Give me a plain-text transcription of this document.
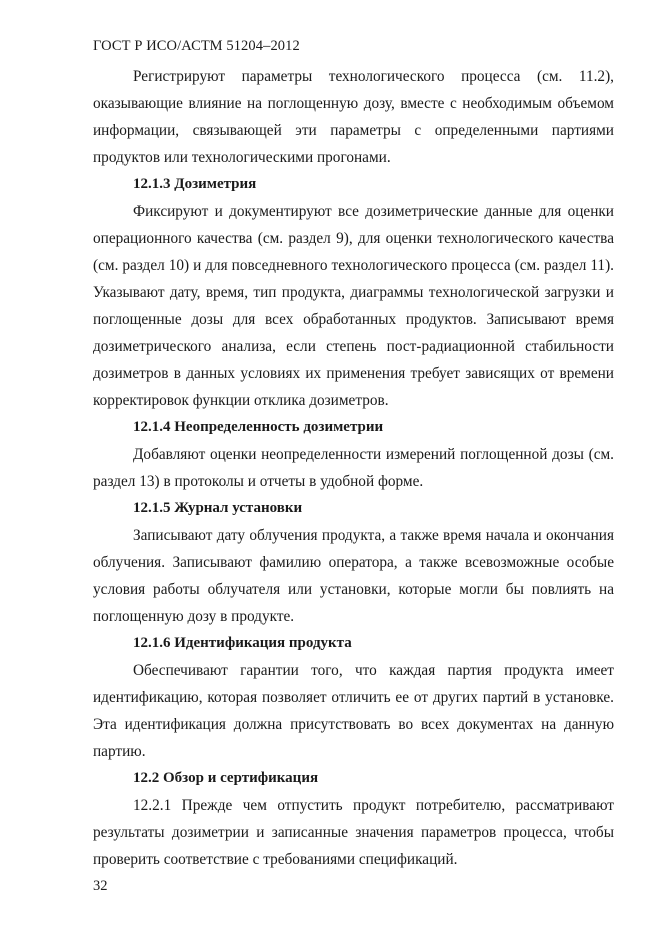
ГОСТ Р ИСО/АСТМ 51204–2012

Регистрируют параметры технологического процесса (см. 11.2), оказывающие влияние на поглощенную дозу, вместе с необходимым объемом информации, связывающей эти параметры с определенными партиями продуктов или технологическими прогонами.

12.1.3 Дозиметрия

Фиксируют и документируют все дозиметрические данные для оценки операционного качества (см. раздел 9), для оценки технологического качества (см. раздел 10) и для повседневного технологического процесса (см. раздел 11). Указывают дату, время, тип продукта, диаграммы технологической загрузки и поглощенные дозы для всех обработанных продуктов. Записывают время дозиметрического анализа, если степень пост-радиационной стабильности дозиметров в данных условиях их применения требует зависящих от времени корректировок функции отклика дозиметров.

12.1.4 Неопределенность дозиметрии

Добавляют оценки неопределенности измерений поглощенной дозы (см. раздел 13) в протоколы и отчеты в удобной форме.

12.1.5 Журнал установки

Записывают дату облучения продукта, а также время начала и окончания облучения. Записывают фамилию оператора, а также всевозможные особые условия работы облучателя или установки, которые могли бы повлиять на поглощенную дозу в продукте.

12.1.6 Идентификация продукта

Обеспечивают гарантии того, что каждая партия продукта имеет идентификацию, которая позволяет отличить ее от других партий в установке. Эта идентификация должна присутствовать во всех документах на данную партию.

12.2 Обзор и сертификация

12.2.1 Прежде чем отпустить продукт потребителю, рассматривают результаты дозиметрии и записанные значения параметров процесса, чтобы проверить соответствие с требованиями спецификаций.

32
